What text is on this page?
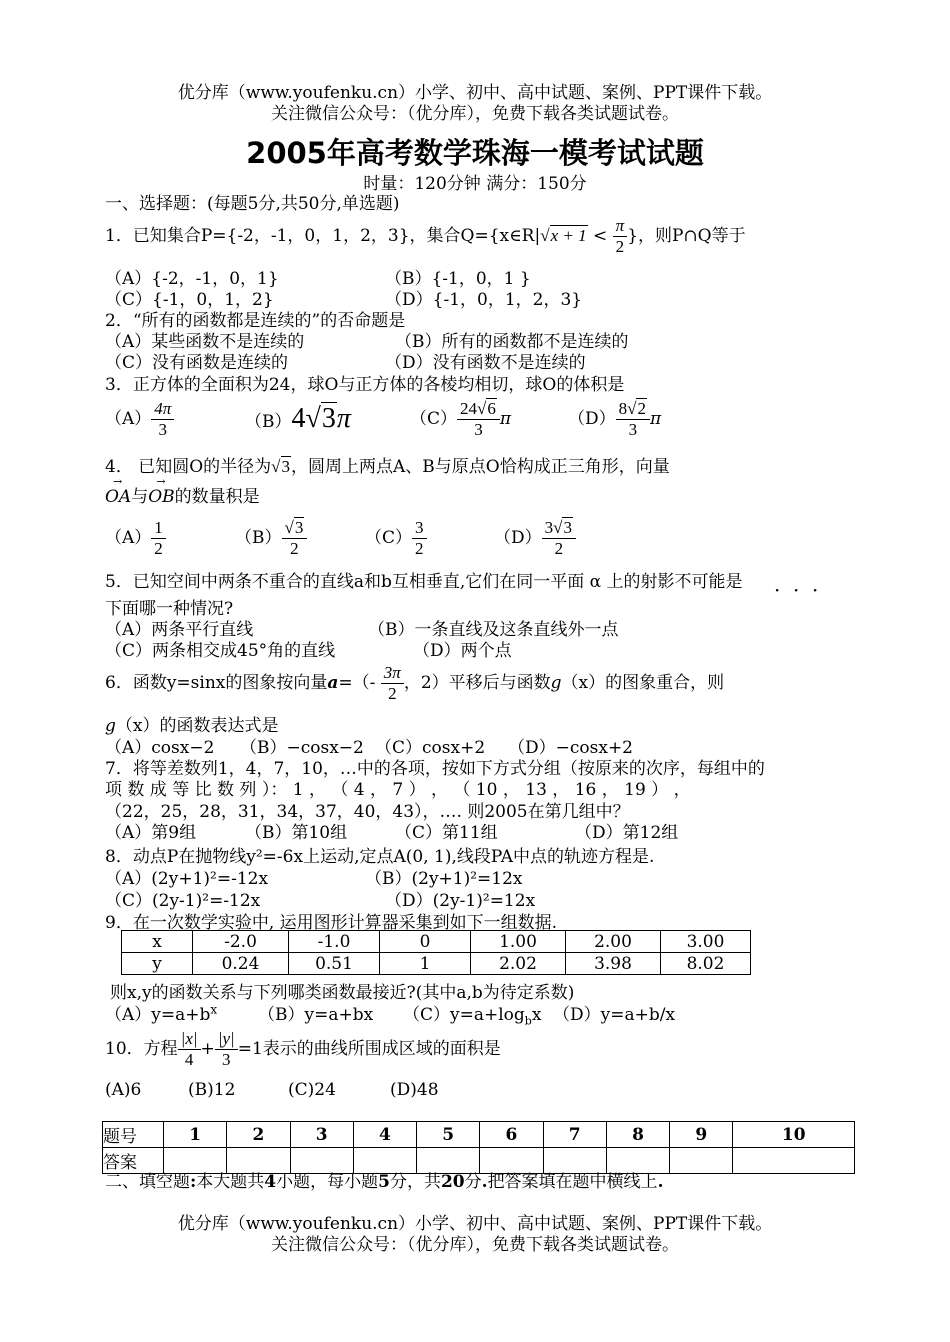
优分库（www.youfenku.cn）小学、初中、高中试题、案例、PPT课件下载。
关注微信公众号：（优分库），免费下载各类试题试卷。
2005年高考数学珠海一模考试试题
时量：120分钟 满分：150分
一、选择题：(每题5分,共50分,单选题)
1．已知集合P={-2，-1，0，1，2，3}，集合Q={x∈R|√x + $1 < \frac{\pi}{2}$ }，则P∩Q等于
（A）{-2，-1，0，1}	（B）{-1，0，1 }
（C）{-1，0，1，2}	（D）{-1，0，1，2，3}
2．“所有的函数都是连续的”的否命题是
（A）某些函数不是连续的	（B）所有的函数都不是连续的
（C）没有函数是连续的	（D）没有函数不是连续的
3．正方体的全面积为24，球O与正方体的各棱均相切，球O的体积是
$(A) \frac{4\pi}{3}$	（B）4√3π	$(C) \frac{24√6}{3}$ π	$(D) \frac{8√2}{3}$ π
4． 已知圆O的半径为√3，圆周上两点A、B与原点O恰构成正三角形，向量
→ OA与→ OB的数量积是
$(A) \frac{1}{2}$	$(B) \frac{√3}{2}$	$(C) \frac{3}{2}$	$(D) \frac{3√3}{2}$
5．已知空间中两条不重合的直线a和b互相垂直,它们在同一平面 α 上的射影不可能是 · · ·
下面哪一种情况?
（A）两条平行直线	（B）一条直线及这条直线外一点
（C）两条相交成45°角的直线	（D）两个点
6．函数y=sinx的图象按向量$a=(- \frac{3\pi}{2}$ ，2）平移后与函数g（x）的图象重合，则
g（x）的函数表达式是
（A）cosx−2 （B）−cosx−2 （C）cosx+2 （D）−cosx+2
7．将等差数列1，4，7，10，…中的各项，按如下方式分组（按原来的次序，每组中的
项 数 成 等 比 数 列 ）： 1 ， （ 4 ， 7 ） ， （ 10 ， 13 ， 16 ， 19 ） ，
（22，25，28，31，34，37，40，43），…. 则2005在第几组中？
（A）第9组	（B）第10组	（C）第11组	（D）第12组
8．动点P在抛物线y²=-6x上运动,定点A(0, 1),线段PA中点的轨迹方程是.
（A）(2y+1)²=-12x	（B）(2y+1)²=12x
（C）(2y-1)²=-12x	（D）(2y-1)²=12x
9．在一次数学实验中, 运用图形计算器采集到如下一组数据.
x	-2.0	-1.0	0	1.00	2.00	3.00
y	0.24	0.51	1	2.02	3.98	8.02
则x,y的函数关系与下列哪类函数最接近?(其中a,b为待定系数)
$(A)y=a+b^x$ （B）y=a+bx $(C)y=a+\log_bx$ （D）y=a+b/x
10．方程 $\frac{|x|}{4} + \frac{|y|}{3} =1$表示的曲线所围成区域的面积是
(A)6	(B)12	(C)24	(D)48
题号	1	2	3	4	5	6	7	8	9	10
答案										
二、填空题:本大题共4小题，每小题5分，共20分.把答案填在题中横线上.
优分库（www.youfenku.cn）小学、初中、高中试题、案例、PPT课件下载。
关注微信公众号：（优分库），免费下载各类试题试卷。
